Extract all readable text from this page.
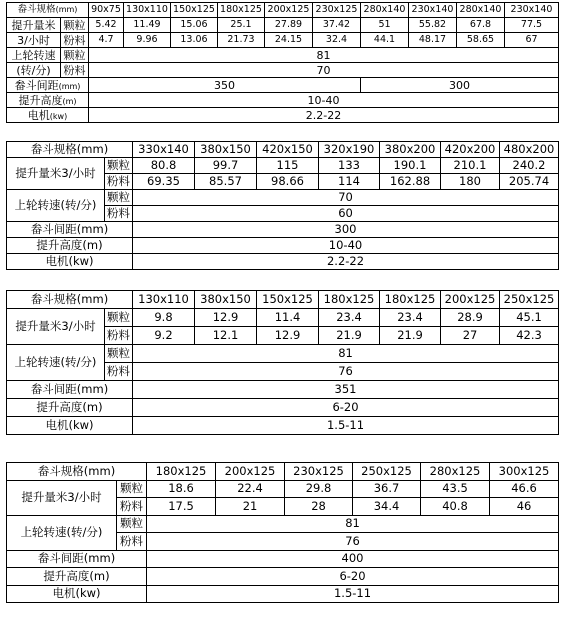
畚斗规格(mm)		90x75	130x110	150x125	180x125	200x125	230x125	280x140	230x140	280x140	230x140
提升量米	颗粒	5.42	11.49	15.06	25.1	27.89	37.42	51	55.82	67.8	77.5
3/小时	粉料	4.7	9.96	13.06	21.73	24.15	32.4	44.1	48.17	58.65	67
上轮转速	颗粒	81									
(转/分)	粉料	70									
畚斗间距(mm)		350						300			
提升高度(m)		10-40									
电机(kw)		2.2-22									
畚斗规格(mm)		330x140	380x150	420x150	320x190	380x200	420x200	480x200
提升量米3/小时	颗粒	80.8	99.7	115	133	190.1	210.1	240.2
	粉料	69.35	85.57	98.66	114	162.88	180	205.74
上轮转速(转/分)	颗粒	70						
	粉料	60						
畚斗间距(mm)		300						
提升高度(m)		10-40						
电机(kw)		2.2-22						
畚斗规格(mm)		130x110	380x150	150x125	180x125	180x125	200x125	250x125
提升量米3/小时	颗粒	9.8	12.9	11.4	23.4	23.4	28.9	45.1
	粉料	9.2	12.1	12.9	21.9	21.9	27	42.3
上轮转速(转/分)	颗粒	81						
	粉料	76						
畚斗间距(mm)		351						
提升高度(m)		6-20						
电机(kw)		1.5-11						
畚斗规格(mm)		180x125	200x125	230x125	250x125	280x125	300x125
提升量米3/小时	颗粒	18.6	22.4	29.8	36.7	43.5	46.6
	粉料	17.5	21	28	34.4	40.8	46
上轮转速(转/分)	颗粒	81					
	粉料	76					
畚斗间距(mm)		400					
提升高度(m)		6-20					
电机(kw)		1.5-11					
